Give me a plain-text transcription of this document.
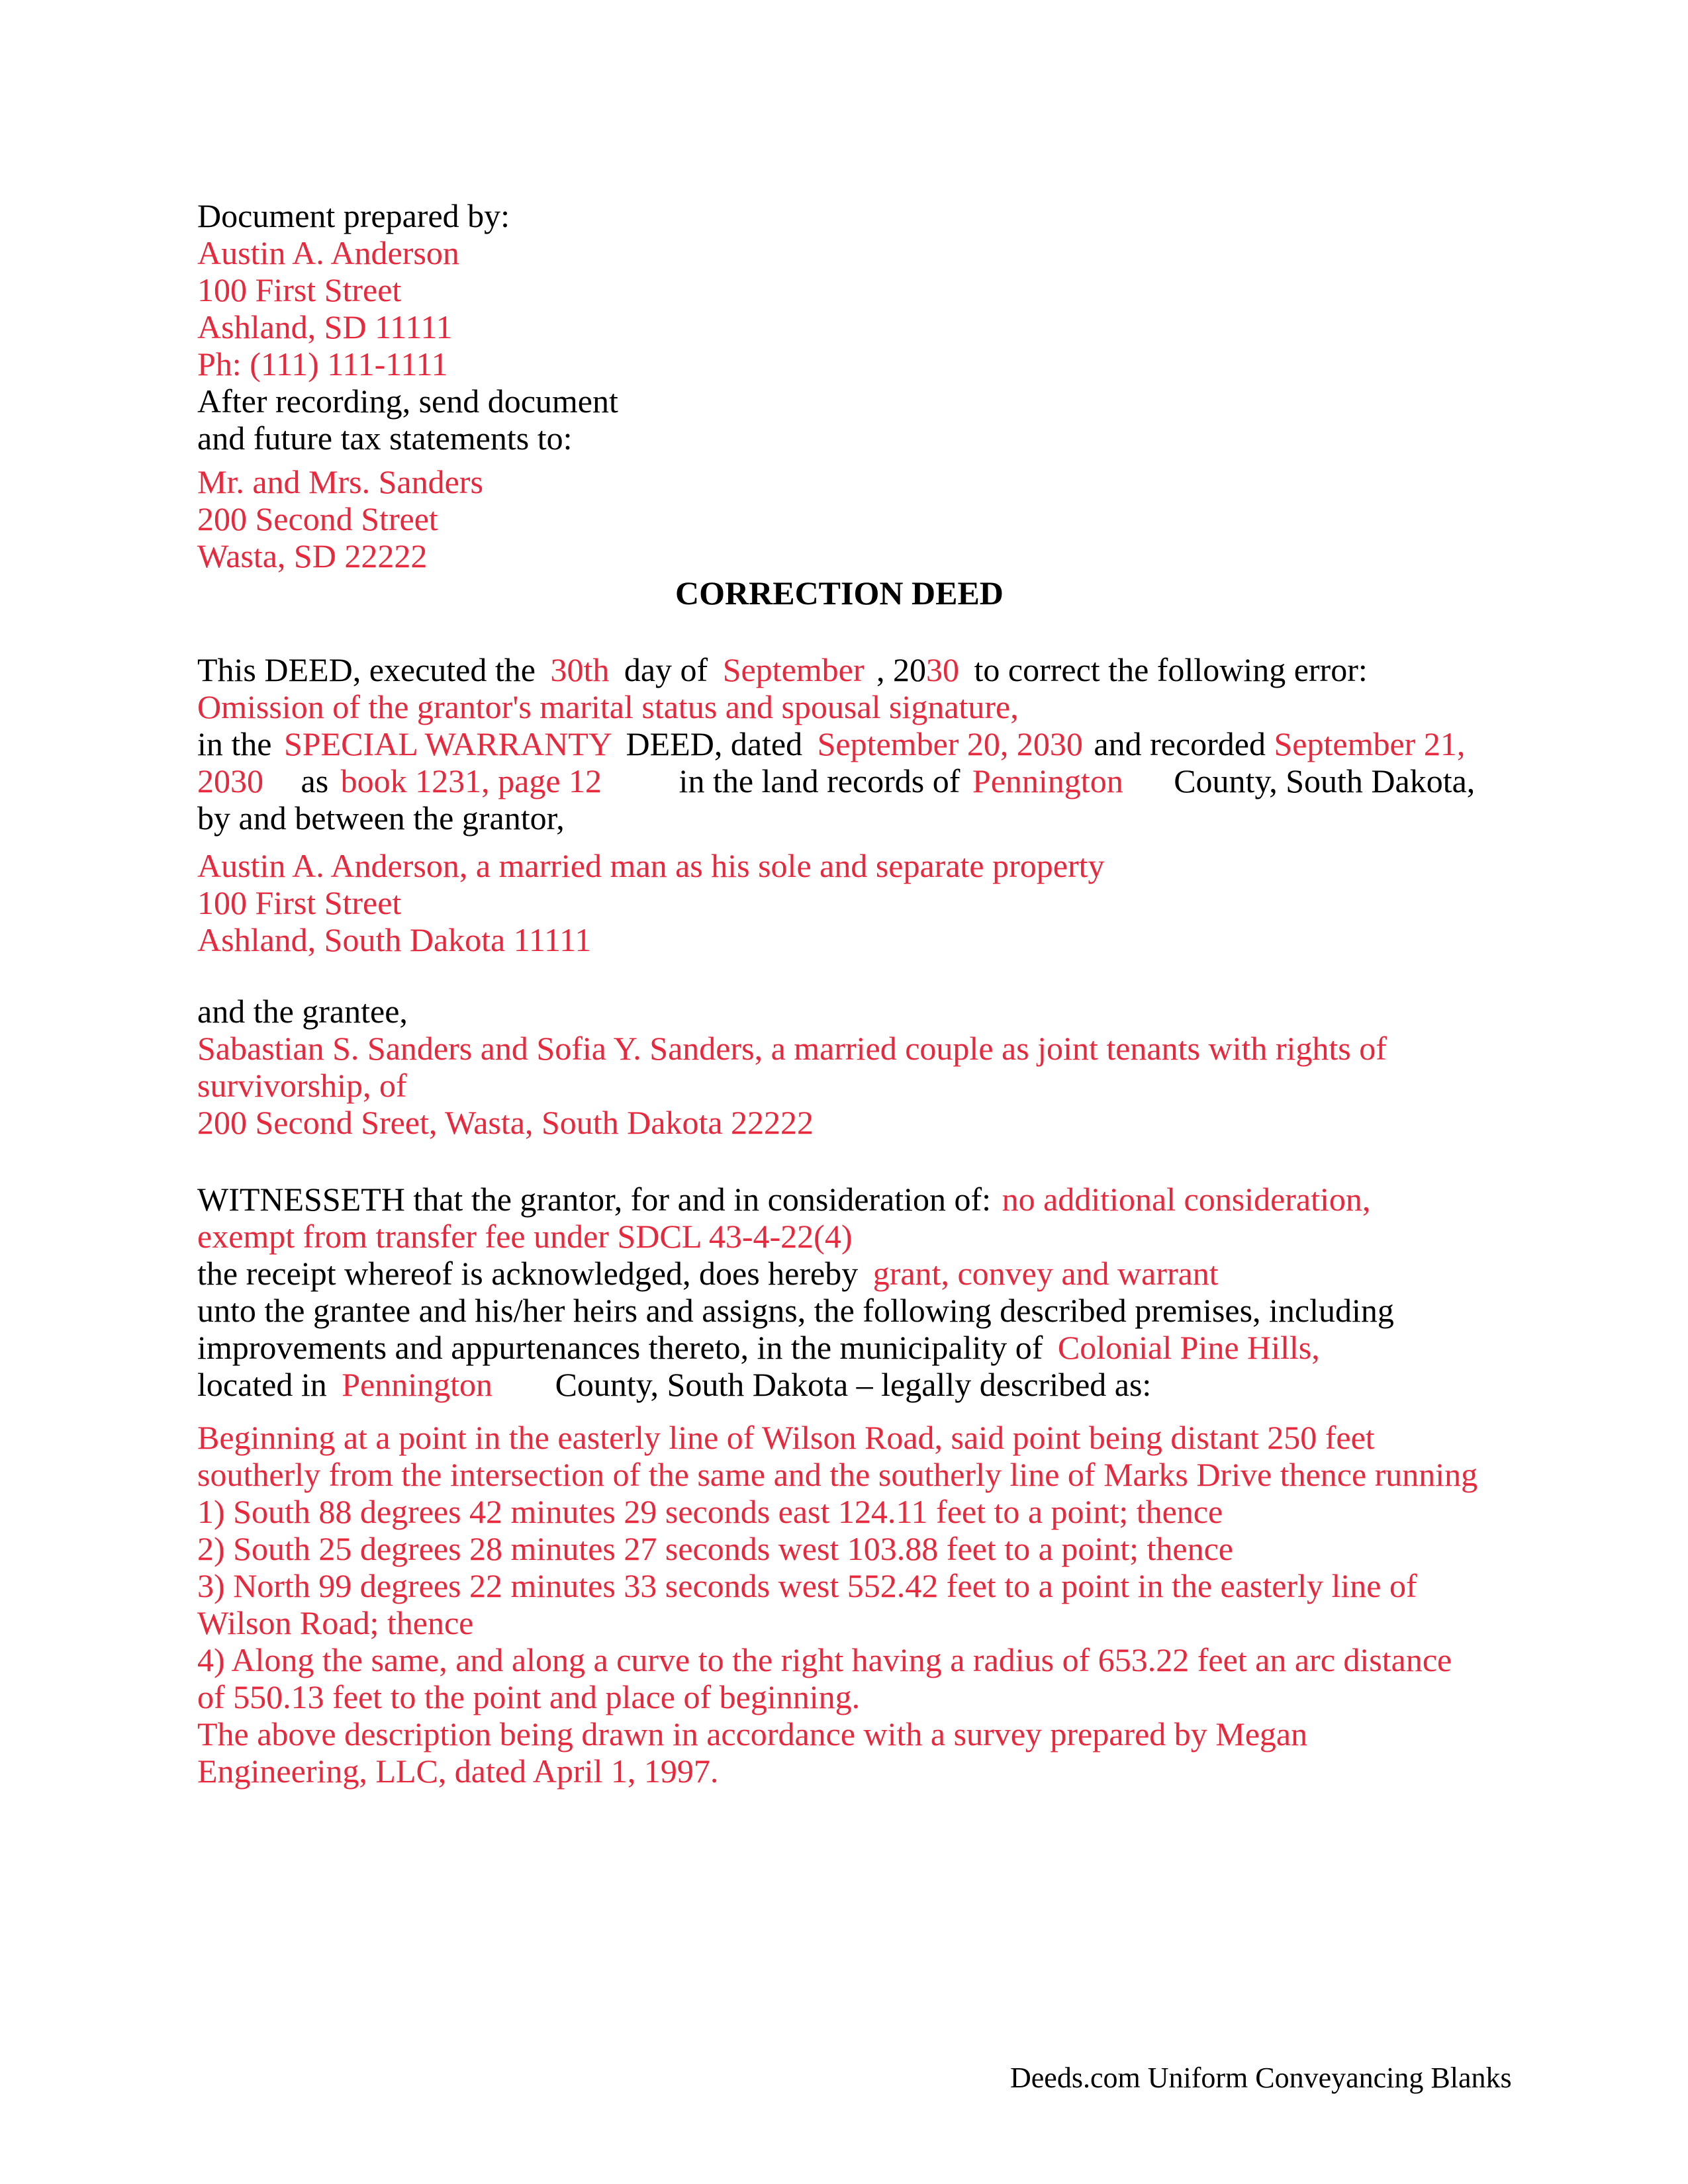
Document prepared by:
Austin A. Anderson
100 First Street
Ashland, SD 11111
Ph: (111) 111-1111
After recording, send document
and future tax statements to:
Mr. and Mrs. Sanders
200 Second Street
Wasta, SD 22222
CORRECTION DEED
This DEED, executed the 30th day of September , 2030 to correct the following error:
Omission of the grantor's marital status and spousal signature,
in the SPECIAL WARRANTY DEED, dated September 20, 2030 and recorded September 21,
2030 as book 1231, page 12 in the land records of Pennington County, South Dakota,
by and between the grantor,
Austin A. Anderson, a married man as his sole and separate property
100 First Street
Ashland, South Dakota 11111
and the grantee,
Sabastian S. Sanders and Sofia Y. Sanders, a married couple as joint tenants with rights of
survivorship, of
200 Second Sreet, Wasta, South Dakota 22222
WITNESSETH that the grantor, for and in consideration of: no additional consideration,
exempt from transfer fee under SDCL 43-4-22(4)
the receipt whereof is acknowledged, does hereby grant, convey and warrant
unto the grantee and his/her heirs and assigns, the following described premises, including
improvements and appurtenances thereto, in the municipality of Colonial Pine Hills,
located in Pennington County, South Dakota – legally described as:
Beginning at a point in the easterly line of Wilson Road, said point being distant 250 feet
southerly from the intersection of the same and the southerly line of Marks Drive thence running
1) South 88 degrees 42 minutes 29 seconds east 124.11 feet to a point; thence
2) South 25 degrees 28 minutes 27 seconds west 103.88 feet to a point; thence
3) North 99 degrees 22 minutes 33 seconds west 552.42 feet to a point in the easterly line of
Wilson Road; thence
4) Along the same, and along a curve to the right having a radius of 653.22 feet an arc distance
of 550.13 feet to the point and place of beginning.
The above description being drawn in accordance with a survey prepared by Megan
Engineering, LLC, dated April 1, 1997.
Deeds.com Uniform Conveyancing Blanks
